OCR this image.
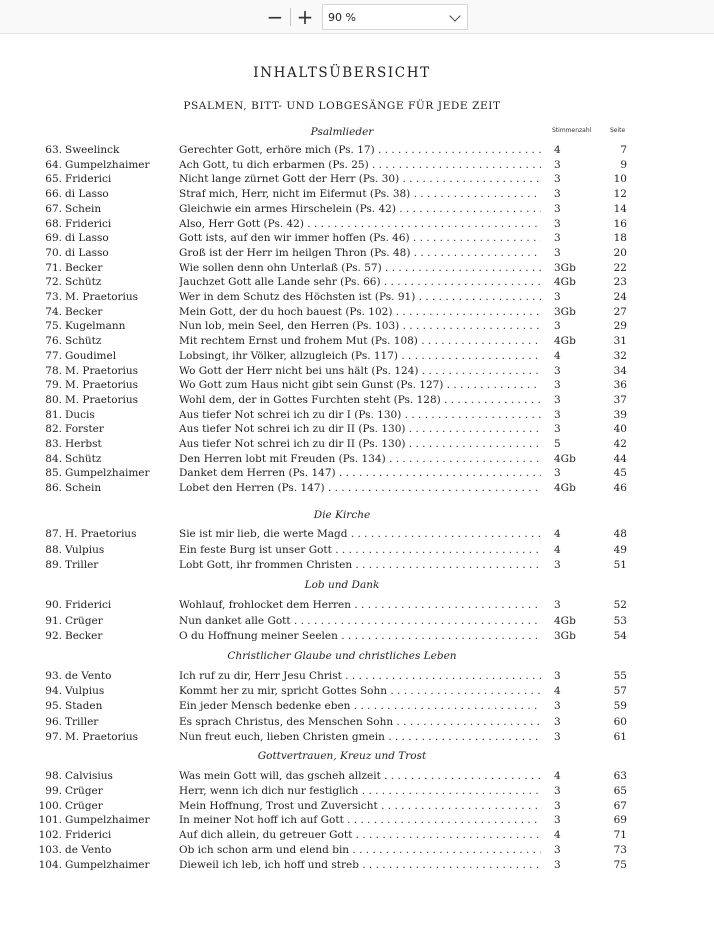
− + 90 %
INHALTSÜBERSICHT
PSALMEN, BITT- UND LOBGESÄNGE FÜR JEDE ZEIT
Stimmenzahl	Seite
Psalmlieder
63. Sweelinck	Gerechter Gott, erhöre mich (Ps. 17) . . .	4	7
64. Gumpelzhaimer	Ach Gott, tu dich erbarmen (Ps. 25) . . .	3	9
65. Friderici	Nicht lange zürnet Gott der Herr (Ps. 30) . . .	3	10
66. di Lasso	Straf mich, Herr, nicht im Eifermut (Ps. 38) . . .	3	12
67. Schein	Gleichwie ein armes Hirschelein (Ps. 42) . . .	3	14
68. Friderici	Also, Herr Gott (Ps. 42) . . .	3	16
69. di Lasso	Gott ists, auf den wir immer hoffen (Ps. 46) . . .	3	18
70. di Lasso	Groß ist der Herr im heilgen Thron (Ps. 48) . . .	3	20
71. Becker	Wie sollen denn ohn Unterlaß (Ps. 57) . . .	3Gb	22
72. Schütz	Jauchzet Gott alle Lande sehr (Ps. 66) . . .	4Gb	23
73. M. Praetorius	Wer in dem Schutz des Höchsten ist (Ps. 91) . . .	3	24
74. Becker	Mein Gott, der du hoch bauest (Ps. 102) . . .	3Gb	27
75. Kugelmann	Nun lob, mein Seel, den Herren (Ps. 103) . . .	3	29
76. Schütz	Mit rechtem Ernst und frohem Mut (Ps. 108) . . .	4Gb	31
77. Goudimel	Lobsingt, ihr Völker, allzugleich (Ps. 117) . . .	4	32
78. M. Praetorius	Wo Gott der Herr nicht bei uns hält (Ps. 124) . . .	3	34
79. M. Praetorius	Wo Gott zum Haus nicht gibt sein Gunst (Ps. 127) . . .	3	36
80. M. Praetorius	Wohl dem, der in Gottes Furchten steht (Ps. 128) . . .	3	37
81. Ducis	Aus tiefer Not schrei ich zu dir I (Ps. 130) . . .	3	39
82. Forster	Aus tiefer Not schrei ich zu dir II (Ps. 130) . . .	3	40
83. Herbst	Aus tiefer Not schrei ich zu dir II (Ps. 130) . . .	5	42
84. Schütz	Den Herren lobt mit Freuden (Ps. 134) . . .	4Gb	44
85. Gumpelzhaimer	Danket dem Herren (Ps. 147) . . .	3	45
86. Schein	Lobet den Herren (Ps. 147) . . .	4Gb	46
Die Kirche
87. H. Praetorius	Sie ist mir lieb, die werte Magd . . .	4	48
88. Vulpius	Ein feste Burg ist unser Gott . . .	4	49
89. Triller	Lobt Gott, ihr frommen Christen . . .	3	51
Lob und Dank
90. Friderici	Wohlauf, frohlocket dem Herren . . .	3	52
91. Crüger	Nun danket alle Gott . . .	4Gb	53
92. Becker	O du Hoffnung meiner Seelen . . .	3Gb	54
Christlicher Glaube und christliches Leben
93. de Vento	Ich ruf zu dir, Herr Jesu Christ . . .	3	55
94. Vulpius	Kommt her zu mir, spricht Gottes Sohn . . .	4	57
95. Staden	Ein jeder Mensch bedenke eben . . .	3	59
96. Triller	Es sprach Christus, des Menschen Sohn . . .	3	60
97. M. Praetorius	Nun freut euch, lieben Christen gmein . . .	3	61
Gottvertrauen, Kreuz und Trost
98. Calvisius	Was mein Gott will, das gscheh allzeit . . .	4	63
99. Crüger	Herr, wenn ich dich nur festiglich . . .	3	65
100. Crüger	Mein Hoffnung, Trost und Zuversicht . . .	3	67
101. Gumpelzhaimer	In meiner Not hoff ich auf Gott . . .	3	69
102. Friderici	Auf dich allein, du getreuer Gott . . .	4	71
103. de Vento	Ob ich schon arm und elend bin . . .	3	73
104. Gumpelzhaimer	Dieweil ich leb, ich hoff und streb . . .	3	75
